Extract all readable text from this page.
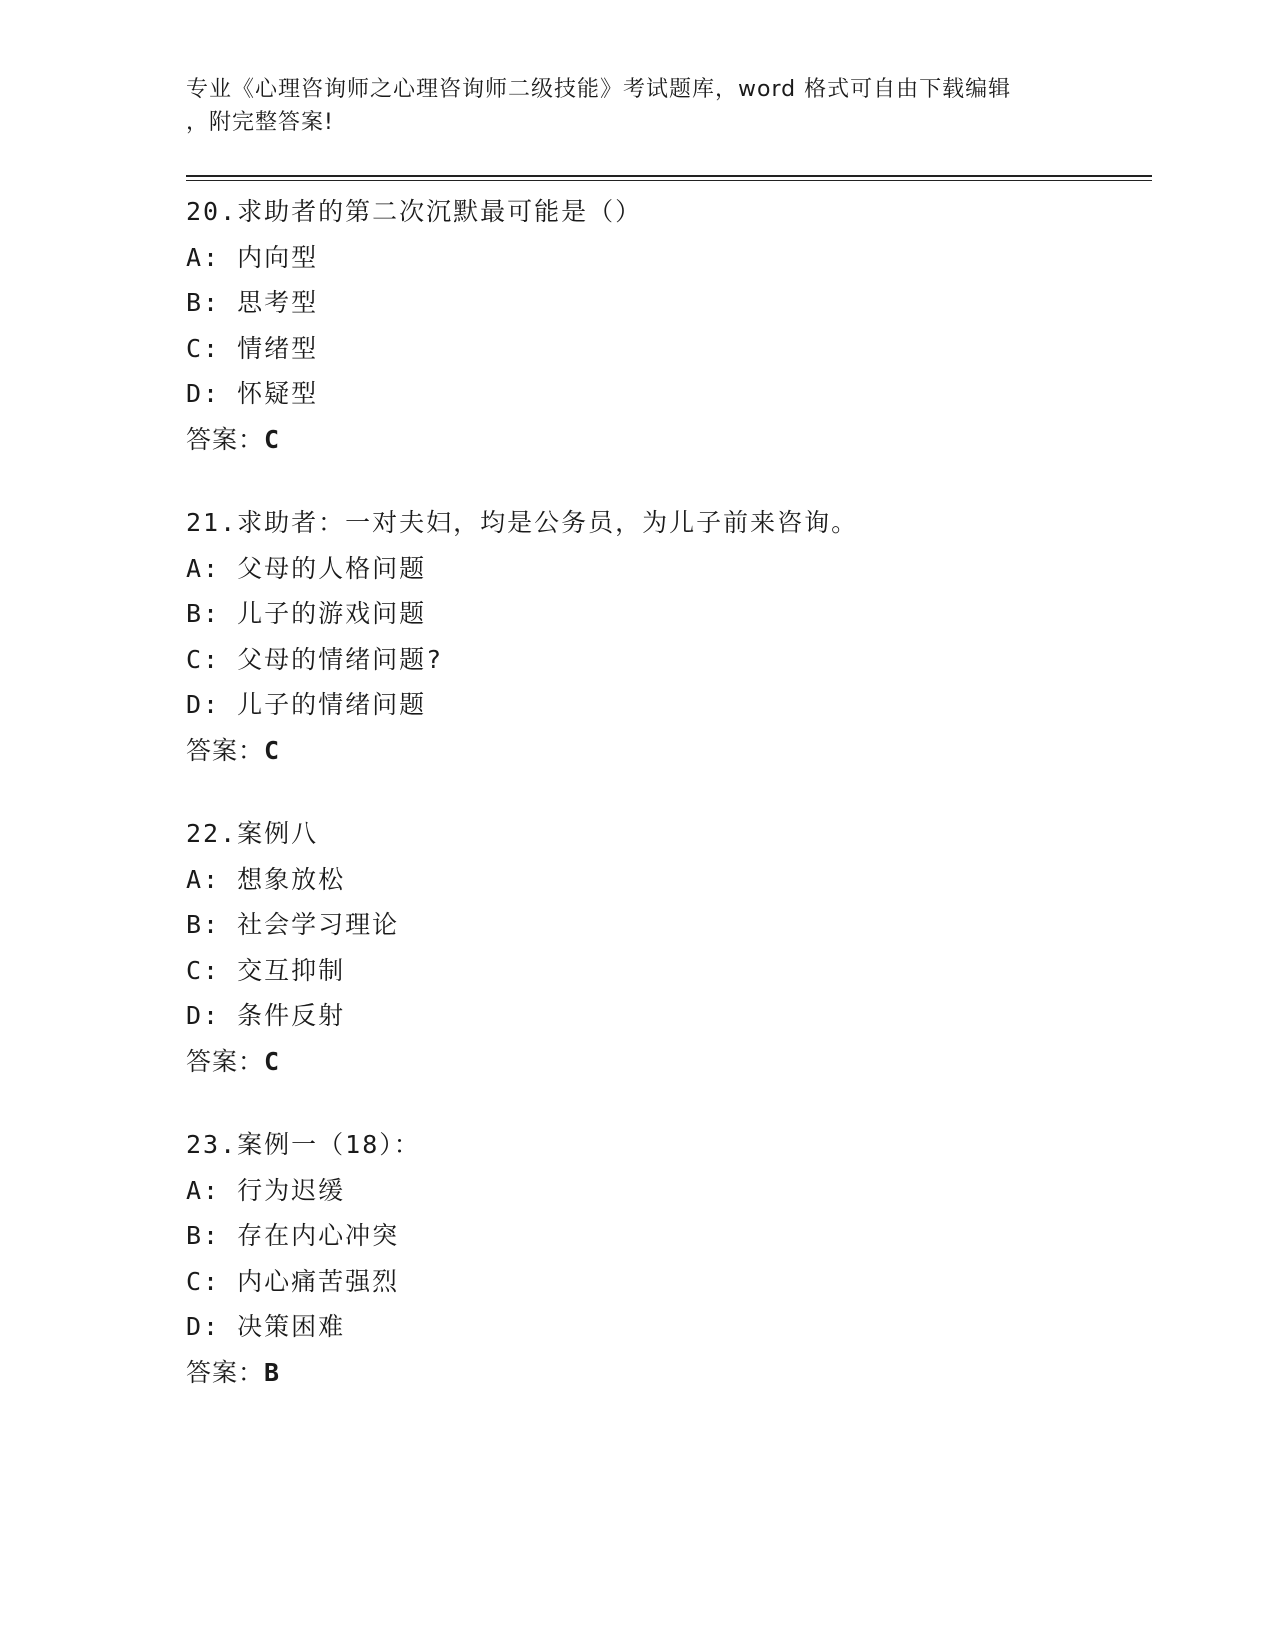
专业《心理咨询师之心理咨询师二级技能》考试题库，word 格式可自由下载编辑
，附完整答案!
20.求助者的第二次沉默最可能是（）
A: 内向型
B: 思考型
C: 情绪型
D: 怀疑型
答案：C
21.求助者：一对夫妇，均是公务员，为儿子前来咨询。
A: 父母的人格问题
B: 儿子的游戏问题
C: 父母的情绪问题?
D: 儿子的情绪问题
答案：C
22.案例八
A: 想象放松
B: 社会学习理论
C: 交互抑制
D: 条件反射
答案：C
23.案例一（18）：
A: 行为迟缓
B: 存在内心冲突
C: 内心痛苦强烈
D: 决策困难
答案：B
